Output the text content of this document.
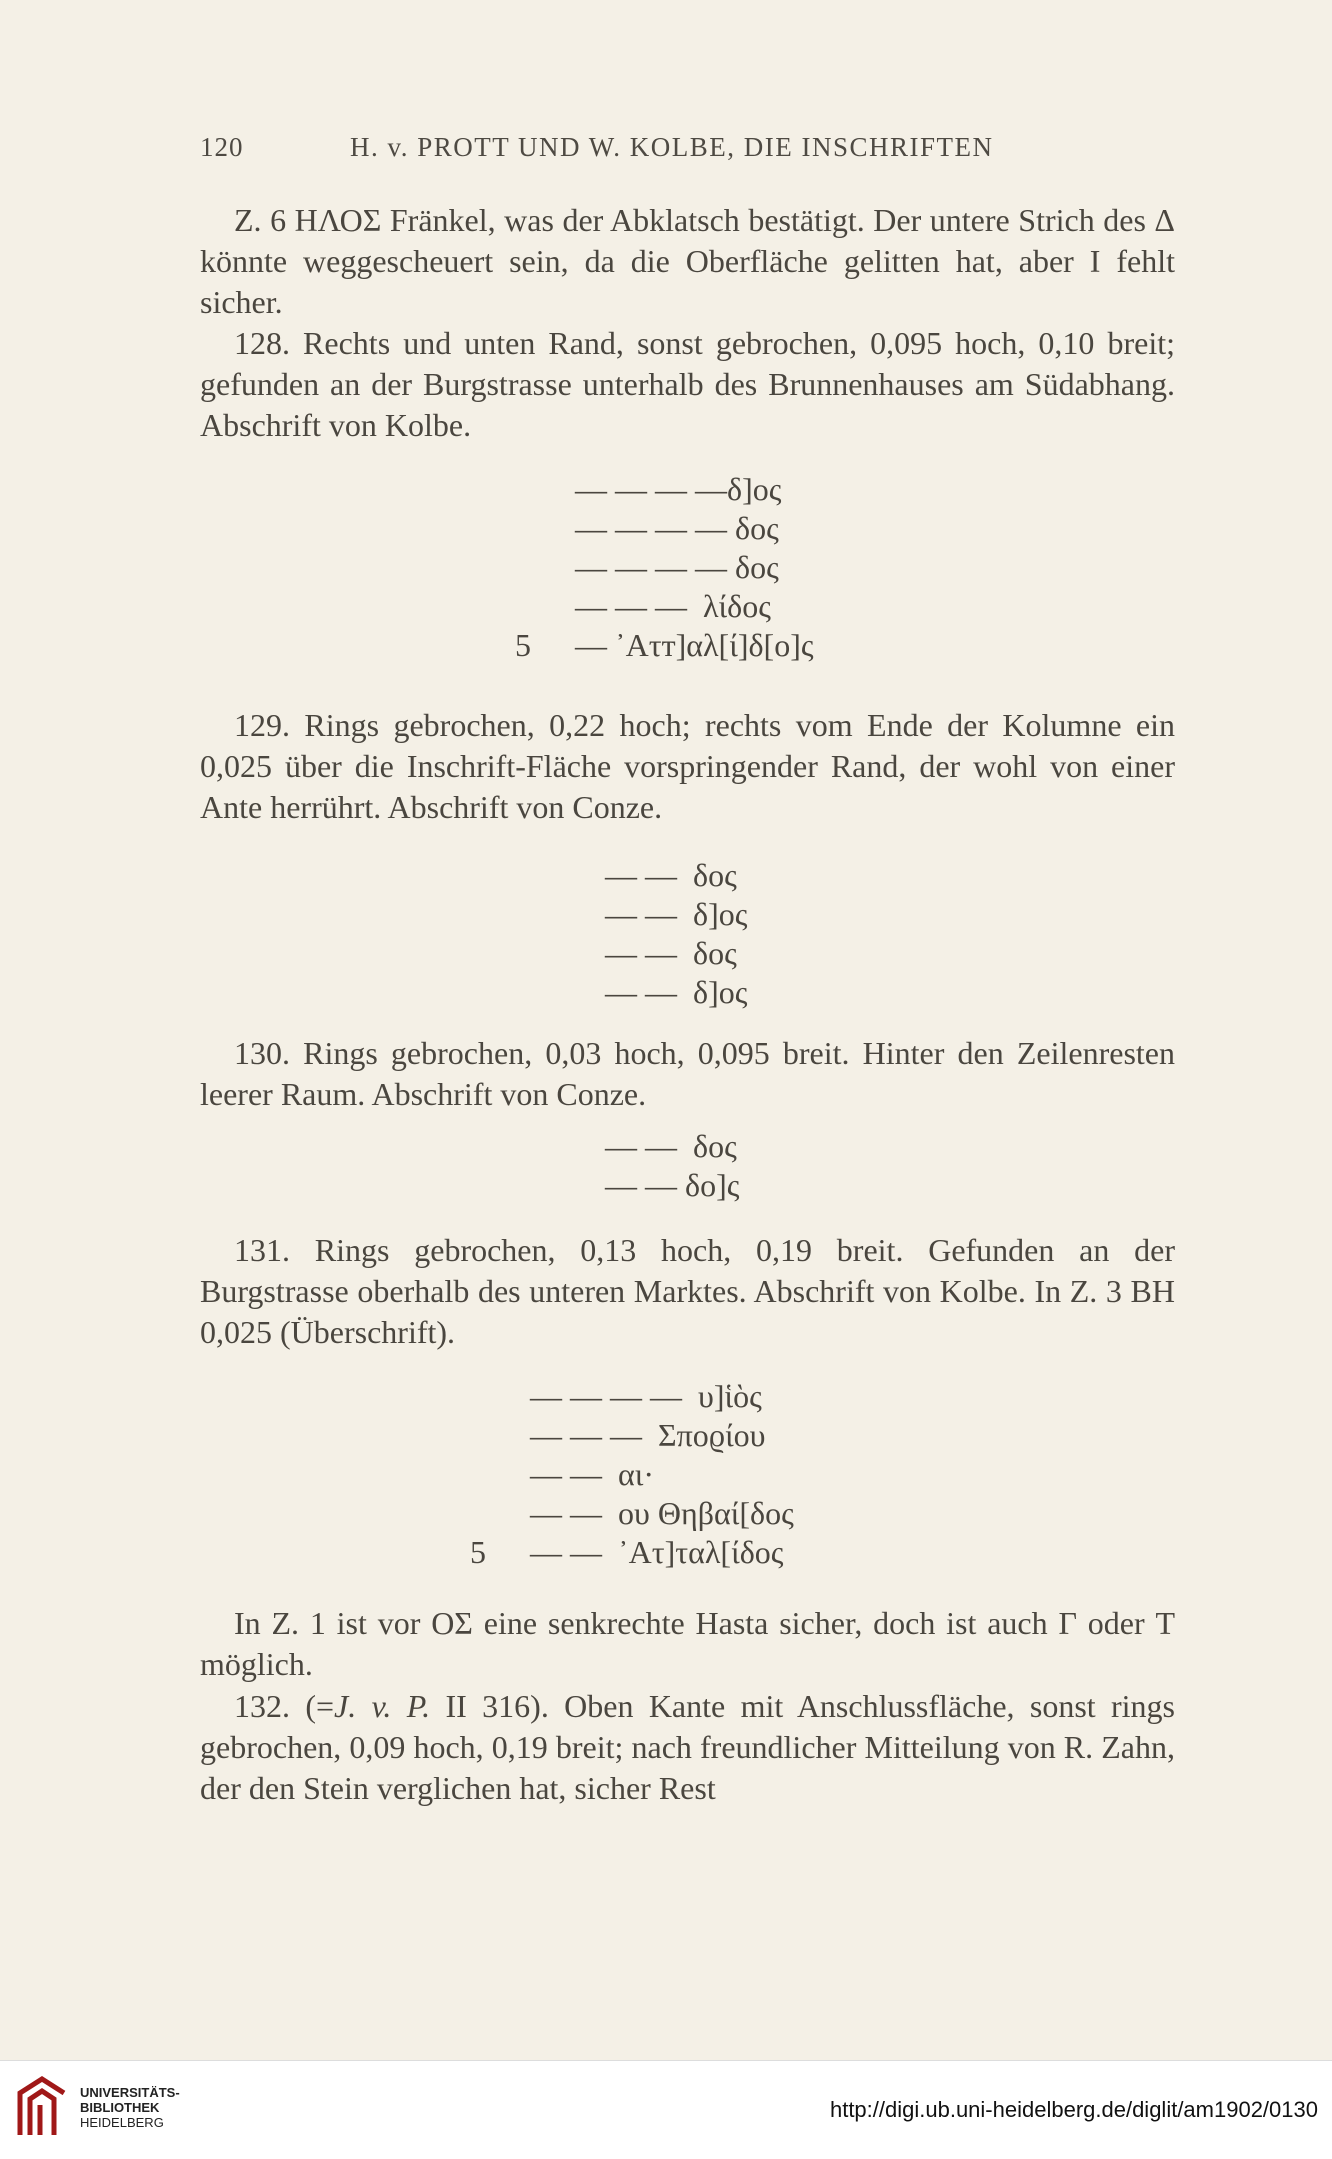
120	H. v. PROTT UND W. KOLBE, DIE INSCHRIFTEN

Z. 6 ΗΛΟΣ Fränkel, was der Abklatsch bestätigt. Der untere Strich des Δ könnte weggescheuert sein, da die Oberfläche gelitten hat, aber Ι fehlt sicher.

128. Rechts und unten Rand, sonst gebrochen, 0,095 hoch, 0,10 breit; gefunden an der Burgstrasse unterhalb des Brunnenhauses am Südabhang. Abschrift von Kolbe.

— — — —δ]ος
— — — — δος
— — — — δος
— — —  λίδος
5 — ᾿Ατт]αλ[ί]δ[ο]ς

129. Rings gebrochen, 0,22 hoch; rechts vom Ende der Kolumne ein 0,025 über die Inschrift-Fläche vorspringender Rand, der wohl von einer Ante herrührt. Abschrift von Conze.

— —  δος
— —  δ]ος
— —  δος
— —  δ]ος

130. Rings gebrochen, 0,03 hoch, 0,095 breit. Hinter den Zeilenresten leerer Raum. Abschrift von Conze.

— —  δος
— — δο]ς

131. Rings gebrochen, 0,13 hoch, 0,19 breit. Gefunden an der Burgstrasse oberhalb des unteren Marktes. Abschrift von Kolbe. In Z. 3 BH 0,025 (Überschrift).

— — — —  υ]ἱὸς
— — —  Σποϱίου
— —  αι·
— —  ου Θηβαί[δος
5 — —  ᾿Ατ]ταλ[ίδος

In Z. 1 ist vor ΟΣ eine senkrechte Hasta sicher, doch ist auch Γ oder Τ möglich.

132. (=J. v. P. II 316). Oben Kante mit Anschlussfläche, sonst rings gebrochen, 0,09 hoch, 0,19 breit; nach freundlicher Mitteilung von R. Zahn, der den Stein verglichen hat, sicher Rest

UNIVERSITÄTS-
BIBLIOTHEK
HEIDELBERG
http://digi.ub.uni-heidelberg.de/diglit/am1902/0130
